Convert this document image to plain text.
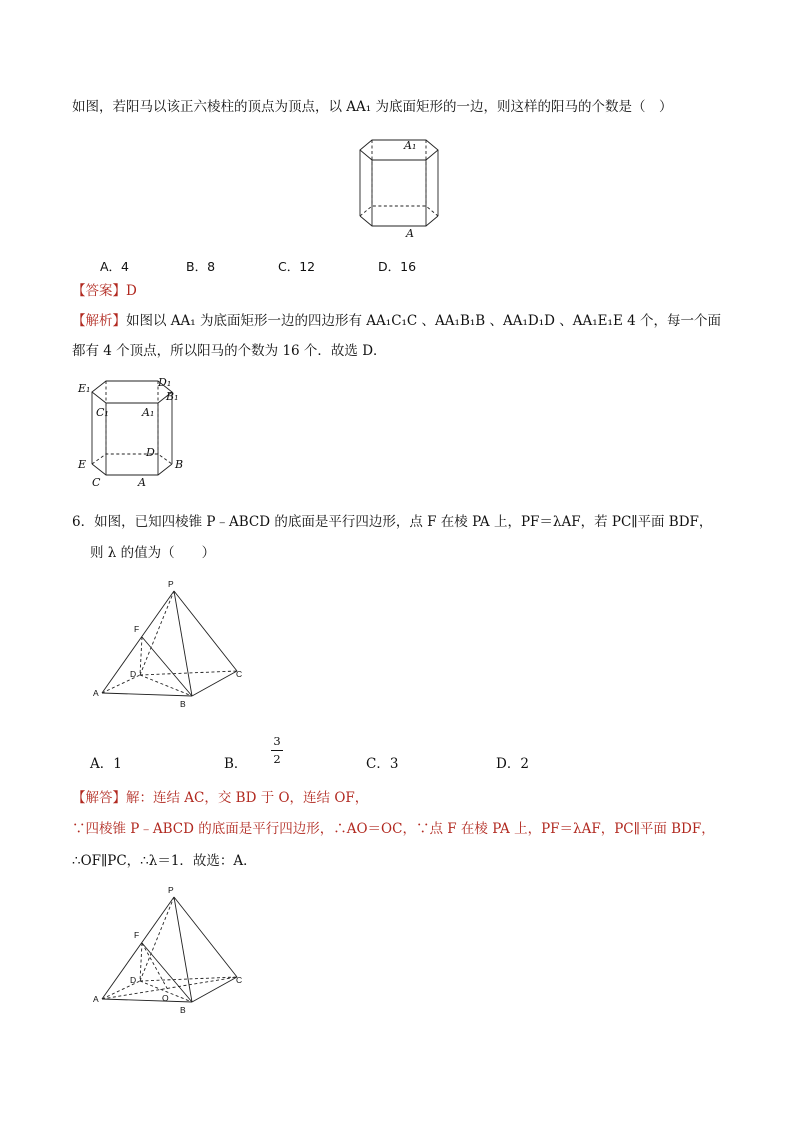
如图，若阳马以该正六棱柱的顶点为顶点，以 AA₁ 为底面矩形的一边，则这样的阳马的个数是（　）
A₁
A
A．4	B．8	C．12	D．16
【答案】D
【解析】如图以 AA₁ 为底面矩形一边的四边形有 AA₁C₁C 、AA₁B₁B 、AA₁D₁D 、AA₁E₁E 4 个，每一个面
都有 4 个顶点，所以阳马的个数为 16 个．故选 D．
E₁	D₁
B₁
C₁	A₁
E
D
B
C	A
6．如图，已知四棱锥 P﹣ABCD 的底面是平行四边形，点 F 在棱 PA 上，PF＝λAF，若 PC∥平面 BDF，
则 λ 的值为（　　）
P
F
D	C
A
B
A．1	B． $\frac{3}{2}$	C．3	D．2
【解答】解：连结 AC，交 BD 于 O，连结 OF，
∵四棱锥 P﹣ABCD 的底面是平行四边形，∴AO＝OC，∵点 F 在棱 PA 上，PF＝λAF，PC∥平面 BDF，
∴OF∥PC，∴λ＝1．故选：A．
P
F
D	C
A
B
O
